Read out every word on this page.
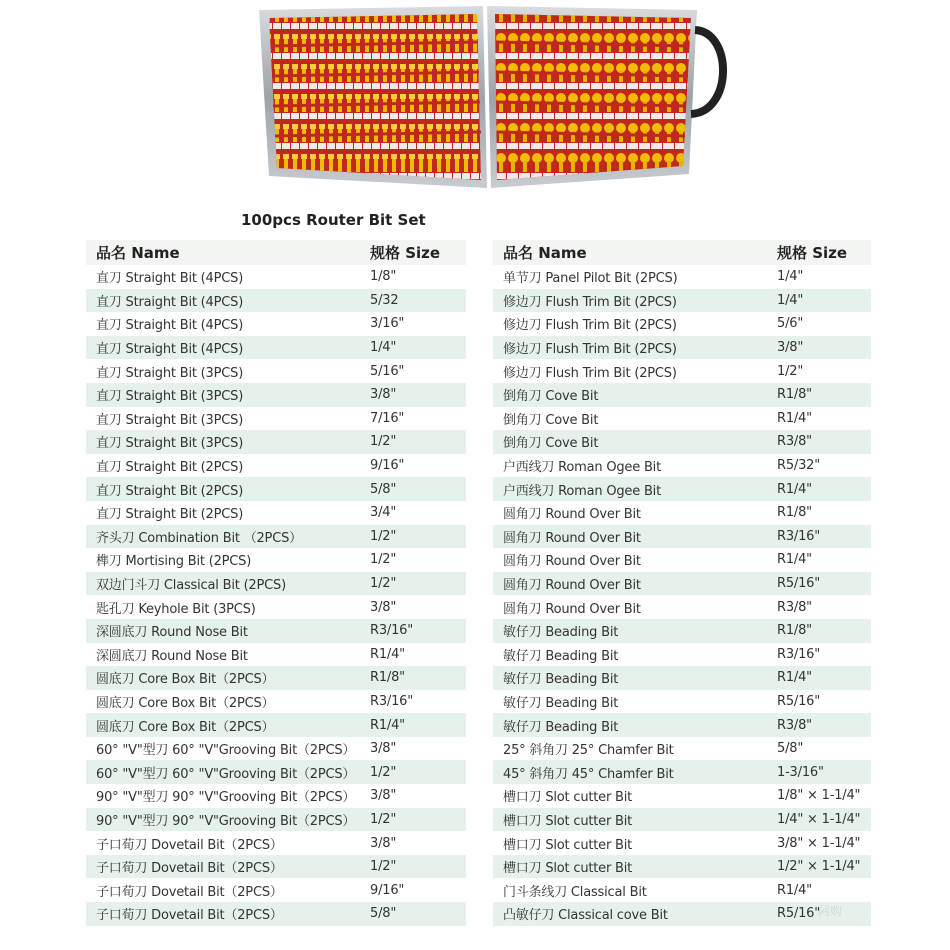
100pcs Router Bit Set
品名 Name	规格 Size
直刀 Straight Bit (4PCS)	1/8"
直刀 Straight Bit (4PCS)	5/32
直刀 Straight Bit (4PCS)	3/16"
直刀 Straight Bit (4PCS)	1/4"
直刀 Straight Bit (3PCS)	5/16"
直刀 Straight Bit (3PCS)	3/8"
直刀 Straight Bit (3PCS)	7/16"
直刀 Straight Bit (3PCS)	1/2"
直刀 Straight Bit (2PCS)	9/16"
直刀 Straight Bit (2PCS)	5/8"
直刀 Straight Bit (2PCS)	3/4"
齐头刀 Combination Bit （2PCS）	1/2"
榫刀 Mortising Bit (2PCS)	1/2"
双边门斗刀 Classical Bit (2PCS)	1/2"
匙孔刀 Keyhole Bit (3PCS)	3/8"
深圆底刀 Round Nose Bit	R3/16"
深圆底刀 Round Nose Bit	R1/4"
圆底刀 Core Box Bit（2PCS）	R1/8"
圆底刀 Core Box Bit（2PCS）	R3/16"
圆底刀 Core Box Bit（2PCS）	R1/4"
60° "V"型刀 60° "V"Grooving Bit（2PCS）	3/8"
60° "V"型刀 60° "V"Grooving Bit（2PCS）	1/2"
90° "V"型刀 90° "V"Grooving Bit（2PCS）	3/8"
90° "V"型刀 90° "V"Grooving Bit（2PCS）	1/2"
子口荀刀 Dovetail Bit（2PCS）	3/8"
子口荀刀 Dovetail Bit（2PCS）	1/2"
子口荀刀 Dovetail Bit（2PCS）	9/16"
子口荀刀 Dovetail Bit（2PCS）	5/8"
品名 Name	规格 Size
单节刀 Panel Pilot Bit (2PCS)	1/4"
修边刀 Flush Trim Bit (2PCS)	1/4"
修边刀 Flush Trim Bit (2PCS)	5/6"
修边刀 Flush Trim Bit (2PCS)	3/8"
修边刀 Flush Trim Bit (2PCS)	1/2"
倒角刀 Cove Bit	R1/8"
倒角刀 Cove Bit	R1/4"
倒角刀 Cove Bit	R3/8"
户西线刀 Roman Ogee Bit	R5/32"
户西线刀 Roman Ogee Bit	R1/4"
圆角刀 Round Over Bit	R1/8"
圆角刀 Round Over Bit	R3/16"
圆角刀 Round Over Bit	R1/4"
圆角刀 Round Over Bit	R5/16"
圆角刀 Round Over Bit	R3/8"
敏仔刀 Beading Bit	R1/8"
敏仔刀 Beading Bit	R3/16"
敏仔刀 Beading Bit	R1/4"
敏仔刀 Beading Bit	R5/16"
敏仔刀 Beading Bit	R3/8"
25° 斜角刀 25° Chamfer Bit	5/8"
45° 斜角刀 45° Chamfer Bit	1-3/16"
槽口刀 Slot cutter Bit	1/8" × 1-1/4"
槽口刀 Slot cutter Bit	1/4" × 1-1/4"
槽口刀 Slot cutter Bit	3/8" × 1-1/4"
槽口刀 Slot cutter Bit	1/2" × 1-1/4"
门斗条线刀 Classical Bit	R1/4"
凸敏仔刀 Classical cove Bit	R5/16"
阿购
